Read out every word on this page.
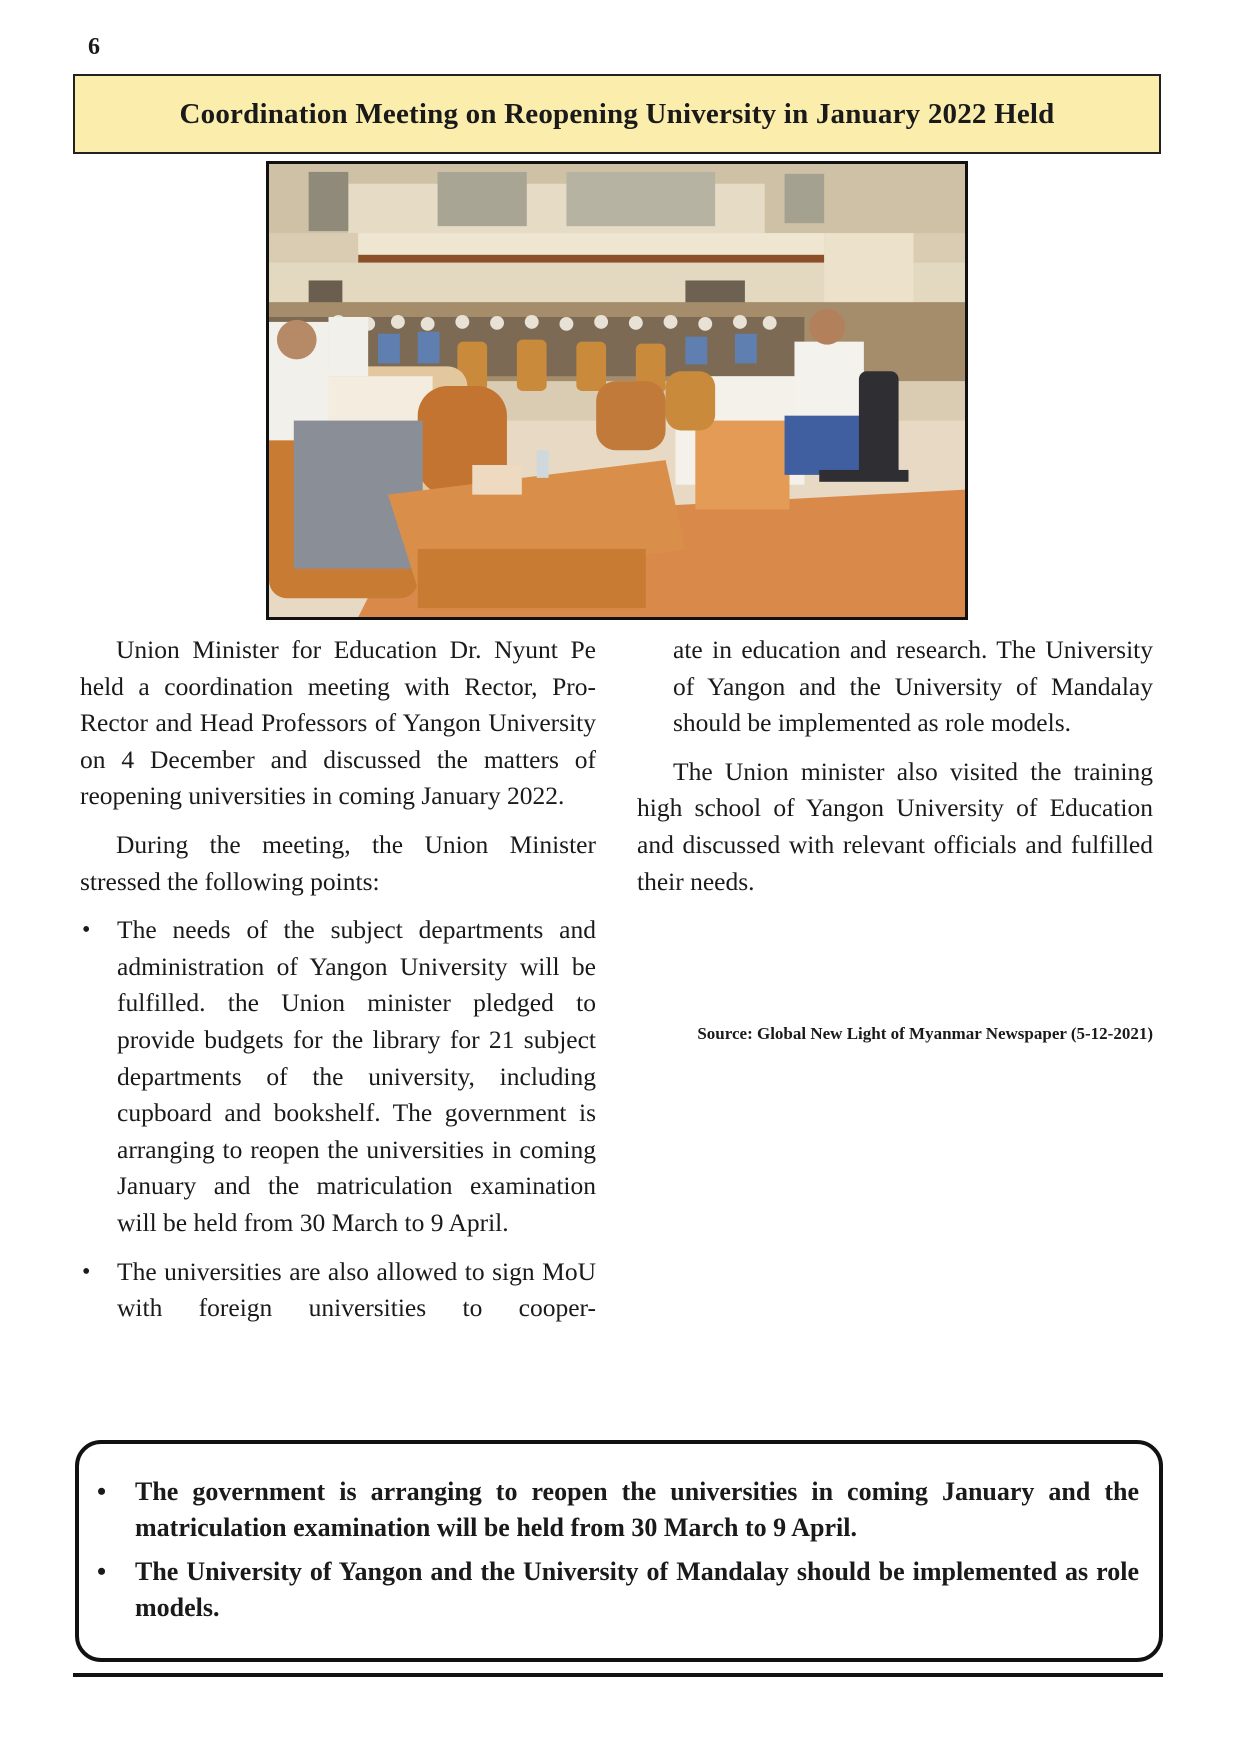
6
Coordination Meeting on Reopening University in January 2022 Held

Union Minister for Education Dr. Nyunt Pe held a coordination meeting with Rector, Pro-Rector and Head Professors of Yangon University on 4 December and discussed the matters of reopening universities in coming January 2022.

During the meeting, the Union Minister stressed the following points:

• The needs of the subject departments and administration of Yangon University will be fulfilled. the Union minister pledged to provide budgets for the library for 21 subject departments of the university, including cupboard and bookshelf. The government is arranging to reopen the universities in coming January and the matriculation examination will be held from 30 March to 9 April.
• The universities are also allowed to sign MoU with foreign universities to cooper-

ate in education and research. The University of Yangon and the University of Mandalay should be implemented as role models.

The Union minister also visited the training high school of Yangon University of Education and discussed with relevant officials and fulfilled their needs.

Source: Global New Light of Myanmar Newspaper (5-12-2021)
• The government is arranging to reopen the universities in coming January and the matriculation examination will be held from 30 March to 9 April.
• The University of Yangon and the University of Mandalay should be implemented as role models.
